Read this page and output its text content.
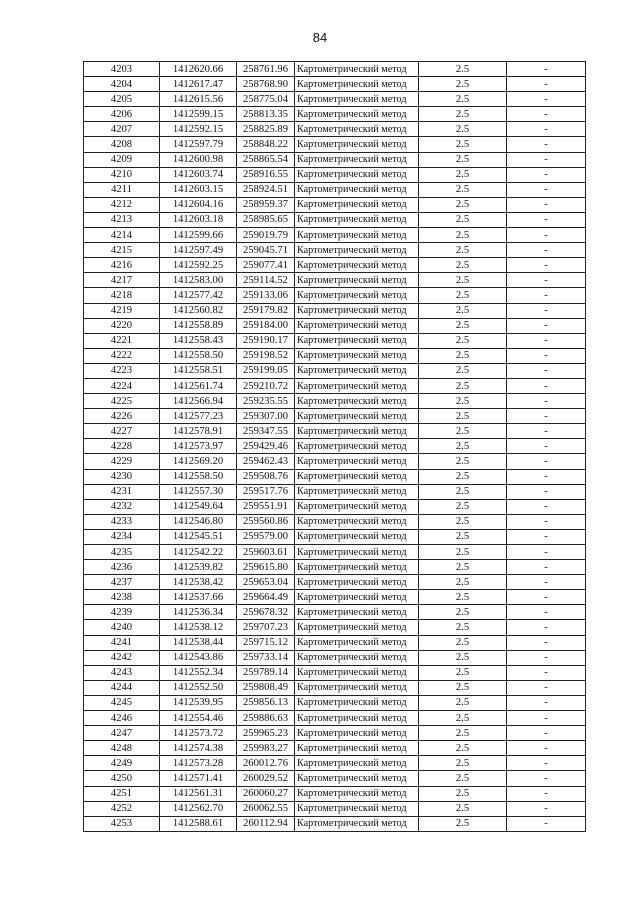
84
4203	1412620.66	258761.96	Картометрический метод	2.5	-
4204	1412617.47	258768.90	Картометрический метод	2.5	-
4205	1412615.56	258775.04	Картометрический метод	2.5	-
4206	1412599.15	258813.35	Картометрический метод	2.5	-
4207	1412592.15	258825.89	Картометрический метод	2.5	-
4208	1412597.79	258848.22	Картометрический метод	2.5	-
4209	1412600.98	258865.54	Картометрический метод	2.5	-
4210	1412603.74	258916.55	Картометрический метод	2.5	-
4211	1412603.15	258924.51	Картометрический метод	2.5	-
4212	1412604.16	258959.37	Картометрический метод	2.5	-
4213	1412603.18	258985.65	Картометрический метод	2.5	-
4214	1412599.66	259019.79	Картометрический метод	2.5	-
4215	1412597.49	259045.71	Картометрический метод	2.5	-
4216	1412592.25	259077.41	Картометрический метод	2.5	-
4217	1412583.00	259114.52	Картометрический метод	2.5	-
4218	1412577.42	259133.06	Картометрический метод	2.5	-
4219	1412560.82	259179.82	Картометрический метод	2.5	-
4220	1412558.89	259184.00	Картометрический метод	2.5	-
4221	1412558.43	259190.17	Картометрический метод	2.5	-
4222	1412558.50	259198.52	Картометрический метод	2.5	-
4223	1412558.51	259199.05	Картометрический метод	2.5	-
4224	1412561.74	259210.72	Картометрический метод	2.5	-
4225	1412566.94	259235.55	Картометрический метод	2.5	-
4226	1412577.23	259307.00	Картометрический метод	2.5	-
4227	1412578.91	259347.55	Картометрический метод	2.5	-
4228	1412573.97	259429.46	Картометрический метод	2.5	-
4229	1412569.20	259462.43	Картометрический метод	2.5	-
4230	1412558.50	259508.76	Картометрический метод	2.5	-
4231	1412557.30	259517.76	Картометрический метод	2.5	-
4232	1412549.64	259551.91	Картометрический метод	2.5	-
4233	1412546.80	259560.86	Картометрический метод	2.5	-
4234	1412545.51	259579.00	Картометрический метод	2.5	-
4235	1412542.22	259603.61	Картометрический метод	2.5	-
4236	1412539.82	259615.80	Картометрический метод	2.5	-
4237	1412538.42	259653.04	Картометрический метод	2.5	-
4238	1412537.66	259664.49	Картометрический метод	2.5	-
4239	1412536.34	259678.32	Картометрический метод	2.5	-
4240	1412538.12	259707.23	Картометрический метод	2.5	-
4241	1412538.44	259715.12	Картометрический метод	2.5	-
4242	1412543.86	259733.14	Картометрический метод	2.5	-
4243	1412552.34	259789.14	Картометрический метод	2.5	-
4244	1412552.50	259808.49	Картометрический метод	2.5	-
4245	1412539.95	259856.13	Картометрический метод	2.5	-
4246	1412554.46	259886.63	Картометрический метод	2.5	-
4247	1412573.72	259965.23	Картометрический метод	2.5	-
4248	1412574.38	259983.27	Картометрический метод	2.5	-
4249	1412573.28	260012.76	Картометрический метод	2.5	-
4250	1412571.41	260029.52	Картометрический метод	2.5	-
4251	1412561.31	260060.27	Картометрический метод	2.5	-
4252	1412562.70	260062.55	Картометрический метод	2.5	-
4253	1412588.61	260112.94	Картометрический метод	2.5	-
